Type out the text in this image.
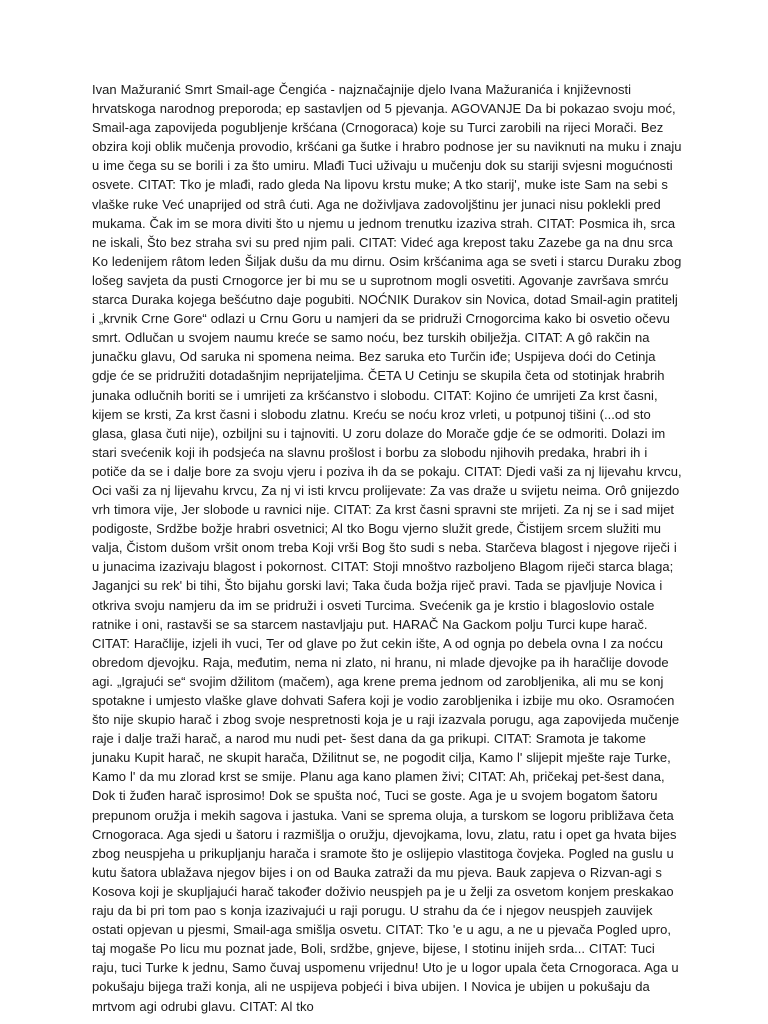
Ivan Mažuranić Smrt Smail-age Čengića - najznačajnije djelo Ivana Mažuranića i književnosti hrvatskoga narodnog preporoda; ep sastavljen od 5 pjevanja. AGOVANJE Da bi pokazao svoju moć, Smail-aga zapovijeda pogubljenje kršćana (Crnogoraca) koje su Turci zarobili na rijeci Morači. Bez obzira koji oblik mučenja provodio, kršćani ga šutke i hrabro podnose jer su naviknuti na muku i znaju u ime čega su se borili i za što umiru. Mlađi Tuci uživaju u mučenju dok su stariji svjesni mogućnosti osvete. CITAT: Tko je mlađi, rado gleda Na lipovu krstu muke; A tko starij', muke iste Sam na sebi s vlaške ruke Već unaprijed od strâ ćuti. Aga ne doživljava zadovoljštinu jer junaci nisu poklekli pred mukama. Čak im se mora diviti što u njemu u jednom trenutku izaziva strah. CITAT: Posmica ih, srca ne iskali, Što bez straha svi su pred njim pali. CITAT: Videć aga krepost taku Zazebe ga na dnu srca Ko ledenijem râtom leden Šiljak dušu da mu dirnu. Osim kršćanima aga se sveti i starcu Duraku zbog lošeg savjeta da pusti Crnogorce jer bi mu se u suprotnom mogli osvetiti. Agovanje završava smrću starca Duraka kojega bešćutno daje pogubiti. NOĆNIK Durakov sin Novica, dotad Smail-agin pratitelj i „krvnik Crne Gore“ odlazi u Crnu Goru u namjeri da se pridruži Crnogorcima kako bi osvetio očevu smrt. Odlučan u svojem naumu kreće se samo noću, bez turskih obilježja. CITAT: A gô rakčin na junačku glavu, Od saruka ni spomena neima. Bez saruka eto Turčin iđe; Uspijeva doći do Cetinja gdje će se pridružiti dotadašnjim neprijateljima. ČETA U Cetinju se skupila četa od stotinjak hrabrih junaka odlučnih boriti se i umrijeti za kršćanstvo i slobodu. CITAT: Kojino će umrijeti Za krst časni, kijem se krsti, Za krst časni i slobodu zlatnu. Kreću se noću kroz vrleti, u potpunoj tišini (...od sto glasa, glasa čuti nije), ozbiljni su i tajnoviti. U zoru dolaze do Morače gdje će se odmoriti. Dolazi im stari svećenik koji ih podsjeća na slavnu prošlost i borbu za slobodu njihovih predaka, hrabri ih i potiče da se i dalje bore za svoju vjeru i poziva ih da se pokaju. CITAT: Djedi vaši za nj lijevahu krvcu, Oci vaši za nj lijevahu krvcu, Za nj vi isti krvcu prolijevate: Za vas draže u svijetu neima. Orô gnijezdo vrh timora vije, Jer slobode u ravnici nije. CITAT: Za krst časni spravni ste mrijeti. Za nj se i sad mijet podigoste, Srdžbe božje hrabri osvetnici; Al tko Bogu vjerno služit grede, Čistijem srcem služiti mu valja, Čistom dušom vršit onom treba Koji vrši Bog što sudi s neba. Starčeva blagost i njegove riječi i u junacima izazivaju blagost i pokornost. CITAT: Stoji mnoštvo razboljeno Blagom riječi starca blaga; Jaganjci su rek' bi tihi, Što bijahu gorski lavi; Taka čuda božja riječ pravi. Tada se pjavljuje Novica i otkriva svoju namjeru da im se pridruži i osveti Turcima. Svećenik ga je krstio i blagoslovio ostale ratnike i oni, rastavši se sa starcem nastavljaju put. HARAČ Na Gackom polju Turci kupe harač. CITAT: Haračlije, izjeli ih vuci, Ter od glave po žut cekin ište, A od ognja po debela ovna I za noćcu obredom djevojku. Raja, međutim, nema ni zlato, ni hranu, ni mlade djevojke pa ih haračlije dovode agi. „Igrajući se“ svojim džilitom (mačem), aga krene prema jednom od zarobljenika, ali mu se konj spotakne i umjesto vlaške glave dohvati Safera koji je vodio zarobljenika i izbije mu oko. Osramoćen što nije skupio harač i zbog svoje nespretnosti koja je u raji izazvala porugu, aga zapovijeda mučenje raje i dalje traži harač, a narod mu nudi pet- šest dana da ga prikupi. CITAT: Sramota je takome junaku Kupit harač, ne skupit harača, Džilitnut se, ne pogodit cilja, Kamo l' slijepit mješte raje Turke, Kamo l' da mu zlorad krst se smije. Planu aga kano plamen živi; CITAT: Ah, pričekaj pet-šest dana, Dok ti žuđen harač isprosimo! Dok se spušta noć, Tuci se goste. Aga je u svojem bogatom šatoru prepunom oružja i mekih sagova i jastuka. Vani se sprema oluja, a turskom se logoru približava četa Crnogoraca. Aga sjedi u šatoru i razmišlja o oružju, djevojkama, lovu, zlatu, ratu i opet ga hvata bijes zbog neuspjeha u prikupljanju harača i sramote što je oslijepio vlastitoga čovjeka. Pogled na guslu u kutu šatora ublažava njegov bijes i on od Bauka zatraži da mu pjeva. Bauk zapjeva o Rizvan-agi s Kosova koji je skupljajući harač također doživio neuspjeh pa je u želji za osvetom konjem preskakao raju da bi pri tom pao s konja izazivajući u raji porugu. U strahu da će i njegov neuspjeh zauvijek ostati opjevan u pjesmi, Smail-aga smišlja osvetu. CITAT: Tko 'e u agu, a ne u pjevača Pogled upro, taj mogaše Po licu mu poznat jade, Boli, srdžbe, gnjeve, bijese, I stotinu inijeh srda... CITAT: Tuci raju, tuci Turke k jednu, Samo čuvaj uspomenu vrijednu! Uto je u logor upala četa Crnogoraca. Aga u pokušaju bijega traži konja, ali ne uspijeva pobjeći i biva ubijen. I Novica je ubijen u pokušaju da mrtvom agi odrubi glavu. CITAT: Al tko
